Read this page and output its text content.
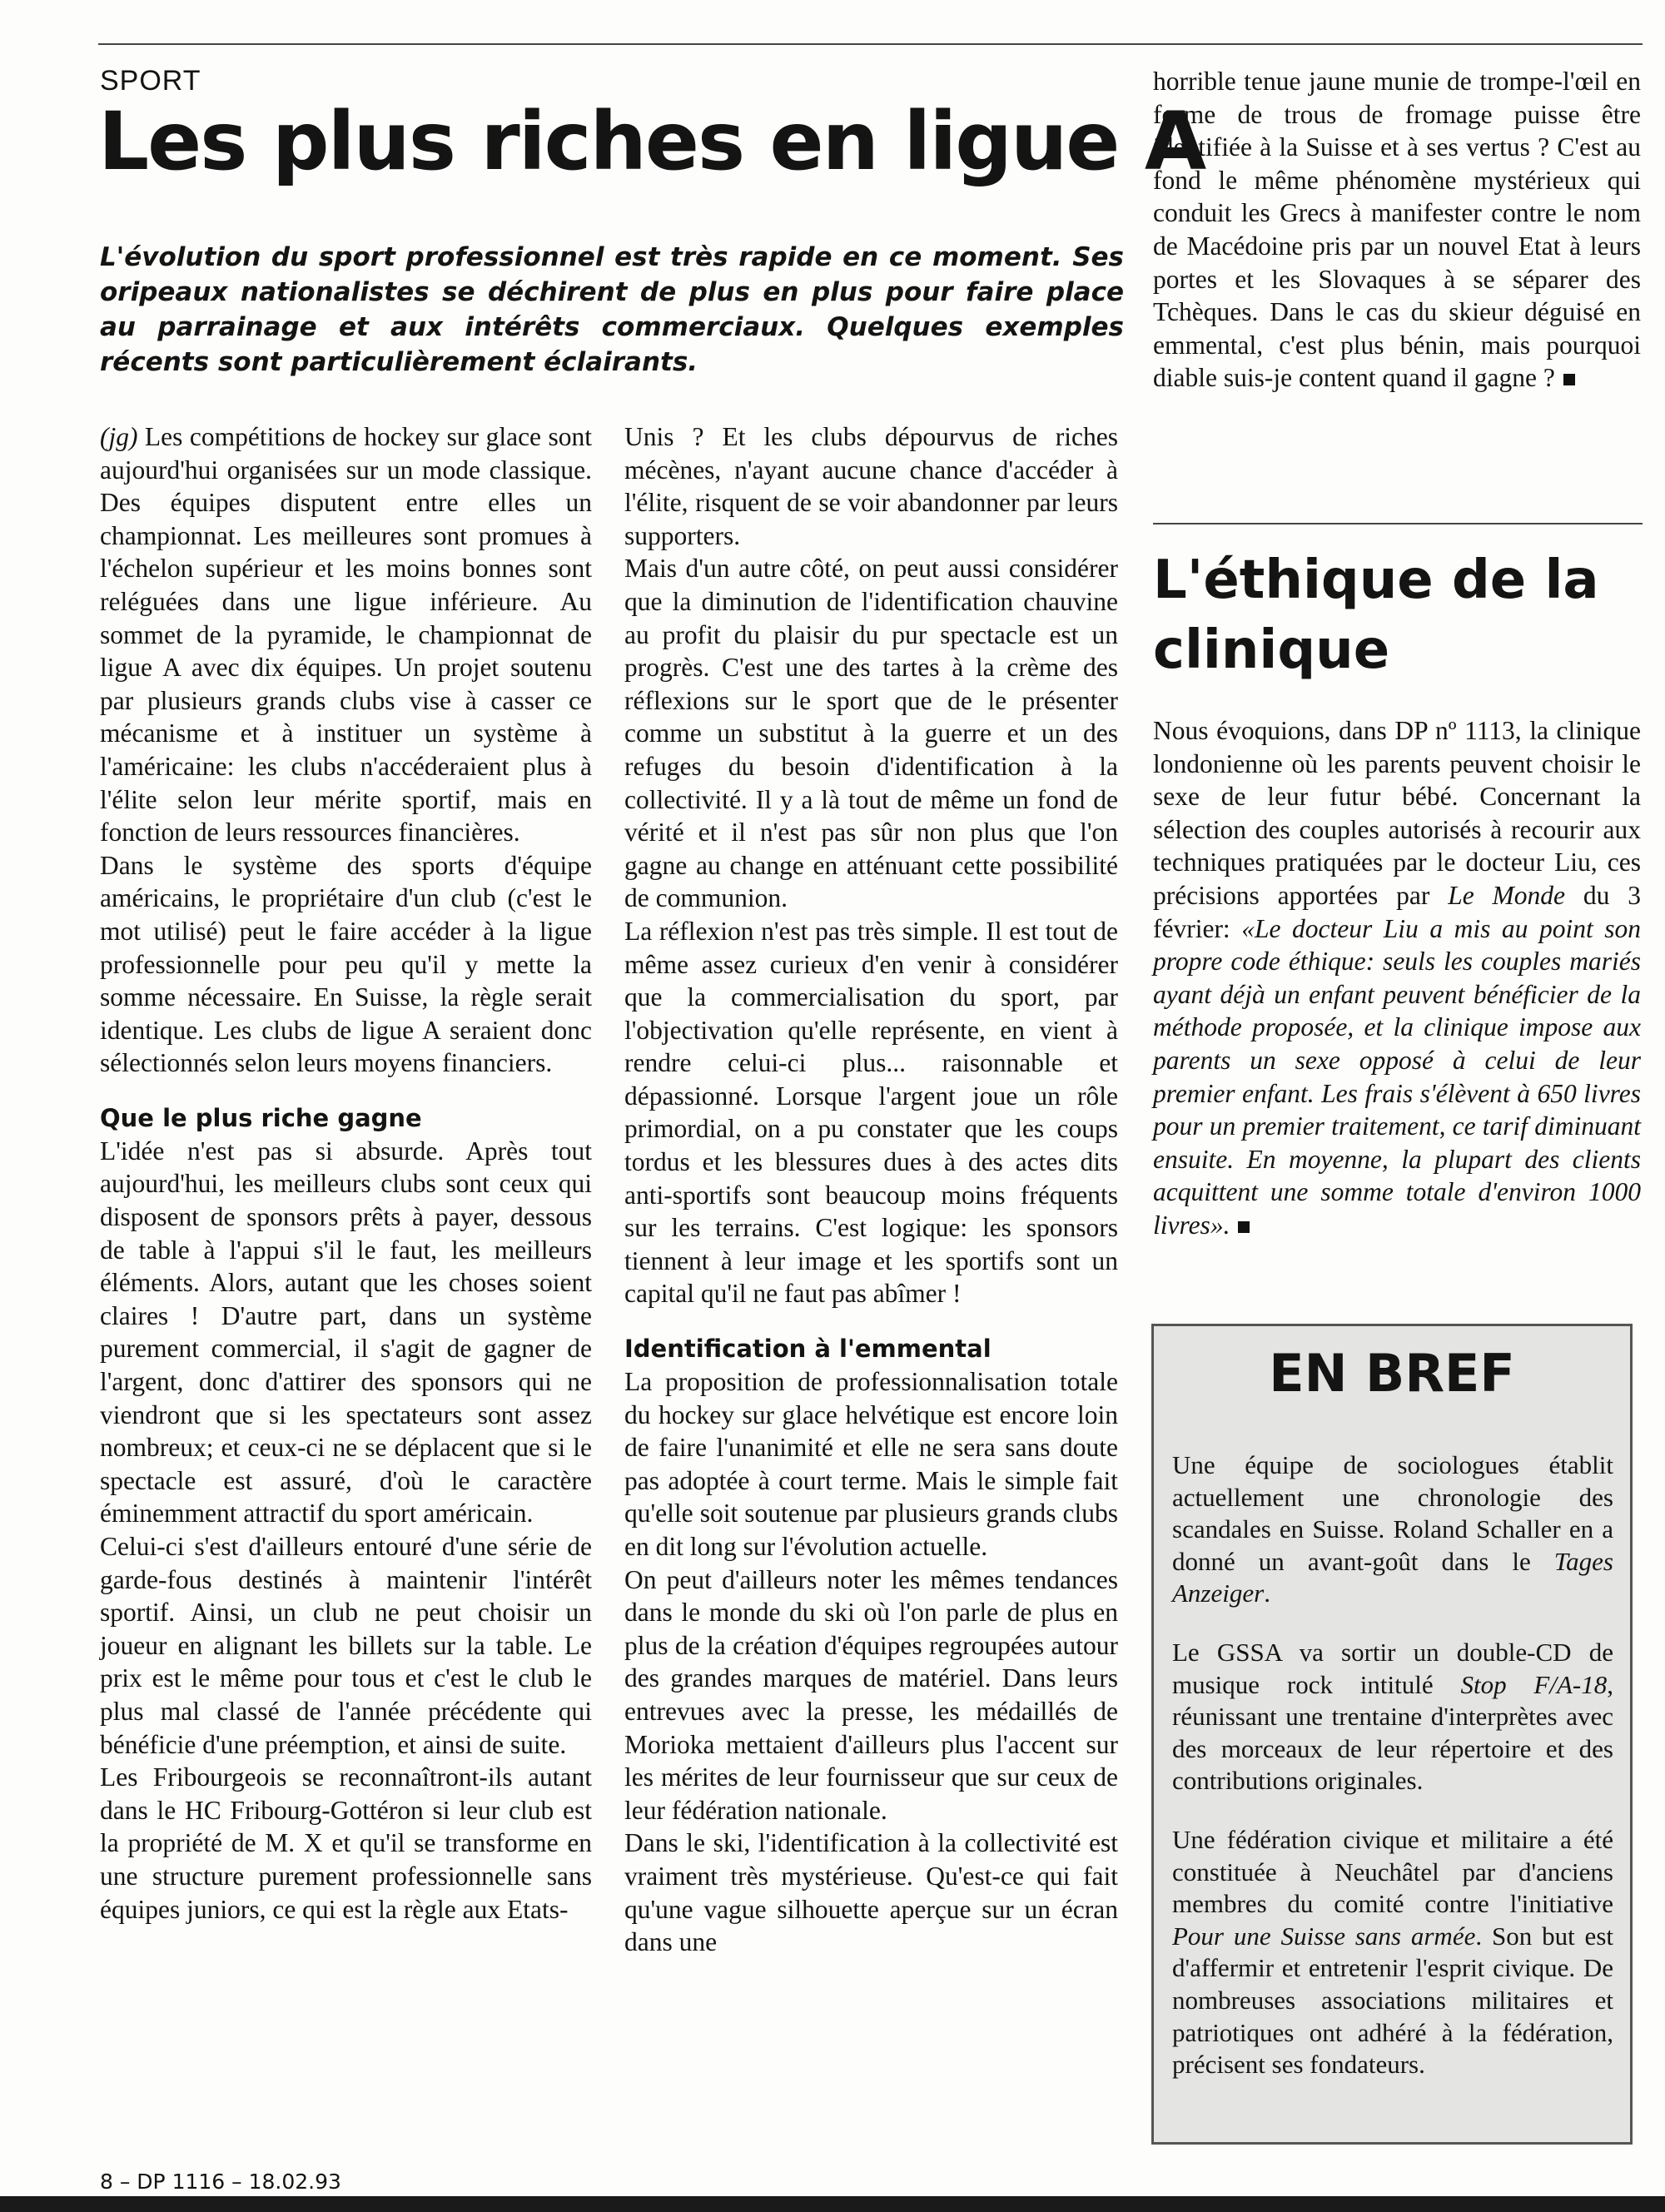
SPORT
Les plus riches en ligue A
L'évolution du sport professionnel est très rapide en ce moment. Ses oripeaux nationalistes se déchirent de plus en plus pour faire place au parrainage et aux intérêts commerciaux. Quelques exemples récents sont particulièrement éclairants.

(jg) Les compétitions de hockey sur glace sont aujourd'hui organisées sur un mode classique. Des équipes disputent entre elles un championnat. Les meilleures sont promues à l'échelon supérieur et les moins bonnes sont reléguées dans une ligue inférieure. Au sommet de la pyramide, le championnat de ligue A avec dix équipes. Un projet soutenu par plusieurs grands clubs vise à casser ce mécanisme et à instituer un système à l'américaine: les clubs n'accéderaient plus à l'élite selon leur mérite sportif, mais en fonction de leurs ressources financières.

Dans le système des sports d'équipe américains, le propriétaire d'un club (c'est le mot utilisé) peut le faire accéder à la ligue professionnelle pour peu qu'il y mette la somme nécessaire. En Suisse, la règle serait identique. Les clubs de ligue A seraient donc sélectionnés selon leurs moyens financiers.

Que le plus riche gagne

L'idée n'est pas si absurde. Après tout aujourd'hui, les meilleurs clubs sont ceux qui disposent de sponsors prêts à payer, dessous de table à l'appui s'il le faut, les meilleurs éléments. Alors, autant que les choses soient claires ! D'autre part, dans un système purement commercial, il s'agit de gagner de l'argent, donc d'attirer des sponsors qui ne viendront que si les spectateurs sont assez nombreux; et ceux-ci ne se déplacent que si le spectacle est assuré, d'où le caractère éminemment attractif du sport américain.

Celui-ci s'est d'ailleurs entouré d'une série de garde-fous destinés à maintenir l'intérêt sportif. Ainsi, un club ne peut choisir un joueur en alignant les billets sur la table. Le prix est le même pour tous et c'est le club le plus mal classé de l'année précédente qui bénéficie d'une préemption, et ainsi de suite.

Les Fribourgeois se reconnaîtront-ils autant dans le HC Fribourg-Gottéron si leur club est la propriété de M. X et qu'il se transforme en une structure purement professionnelle sans équipes juniors, ce qui est la règle aux Etats-

Unis ? Et les clubs dépourvus de riches mécènes, n'ayant aucune chance d'accéder à l'élite, risquent de se voir abandonner par leurs supporters.

Mais d'un autre côté, on peut aussi considérer que la diminution de l'identification chauvine au profit du plaisir du pur spectacle est un progrès. C'est une des tartes à la crème des réflexions sur le sport que de le présenter comme un substitut à la guerre et un des refuges du besoin d'identification à la collectivité. Il y a là tout de même un fond de vérité et il n'est pas sûr non plus que l'on gagne au change en atténuant cette possibilité de communion.

La réflexion n'est pas très simple. Il est tout de même assez curieux d'en venir à considérer que la commercialisation du sport, par l'objectivation qu'elle représente, en vient à rendre celui-ci plus... raisonnable et dépassionné. Lorsque l'argent joue un rôle primordial, on a pu constater que les coups tordus et les blessures dues à des actes dits anti-sportifs sont beaucoup moins fréquents sur les terrains. C'est logique: les sponsors tiennent à leur image et les sportifs sont un capital qu'il ne faut pas abîmer !

Identification à l'emmental

La proposition de professionnalisation totale du hockey sur glace helvétique est encore loin de faire l'unanimité et elle ne sera sans doute pas adoptée à court terme. Mais le simple fait qu'elle soit soutenue par plusieurs grands clubs en dit long sur l'évolution actuelle.

On peut d'ailleurs noter les mêmes tendances dans le monde du ski où l'on parle de plus en plus de la création d'équipes regroupées autour des grandes marques de matériel. Dans leurs entrevues avec la presse, les médaillés de Morioka mettaient d'ailleurs plus l'accent sur les mérites de leur fournisseur que sur ceux de leur fédération nationale.

Dans le ski, l'identification à la collectivité est vraiment très mystérieuse. Qu'est-ce qui fait qu'une vague silhouette aperçue sur un écran dans une

horrible tenue jaune munie de trompe-l'œil en forme de trous de fromage puisse être identifiée à la Suisse et à ses vertus ? C'est au fond le même phénomène mystérieux qui conduit les Grecs à manifester contre le nom de Macédoine pris par un nouvel Etat à leurs portes et les Slovaques à se séparer des Tchèques. Dans le cas du skieur déguisé en emmental, c'est plus bénin, mais pourquoi diable suis-je content quand il gagne ?

L'éthique de la clinique

Nous évoquions, dans DP nº 1113, la clinique londonienne où les parents peuvent choisir le sexe de leur futur bébé. Concernant la sélection des couples autorisés à recourir aux techniques pratiquées par le docteur Liu, ces précisions apportées par Le Monde du 3 février: «Le docteur Liu a mis au point son propre code éthique: seuls les couples mariés ayant déjà un enfant peuvent bénéficier de la méthode proposée, et la clinique impose aux parents un sexe opposé à celui de leur premier enfant. Les frais s'élèvent à 650 livres pour un premier traitement, ce tarif diminuant ensuite. En moyenne, la plupart des clients acquittent une somme totale d'environ 1000 livres».

EN BREF

Une équipe de sociologues établit actuellement une chronologie des scandales en Suisse. Roland Schaller en a donné un avant-goût dans le Tages Anzeiger.

Le GSSA va sortir un double-CD de musique rock intitulé Stop F/A-18, réunissant une trentaine d'interprètes avec des morceaux de leur répertoire et des contributions originales.

Une fédération civique et militaire a été constituée à Neuchâtel par d'anciens membres du comité contre l'initiative Pour une Suisse sans armée. Son but est d'affermir et entretenir l'esprit civique. De nombreuses associations militaires et patriotiques ont adhéré à la fédération, précisent ses fondateurs.

8 – DP 1116 – 18.02.93
